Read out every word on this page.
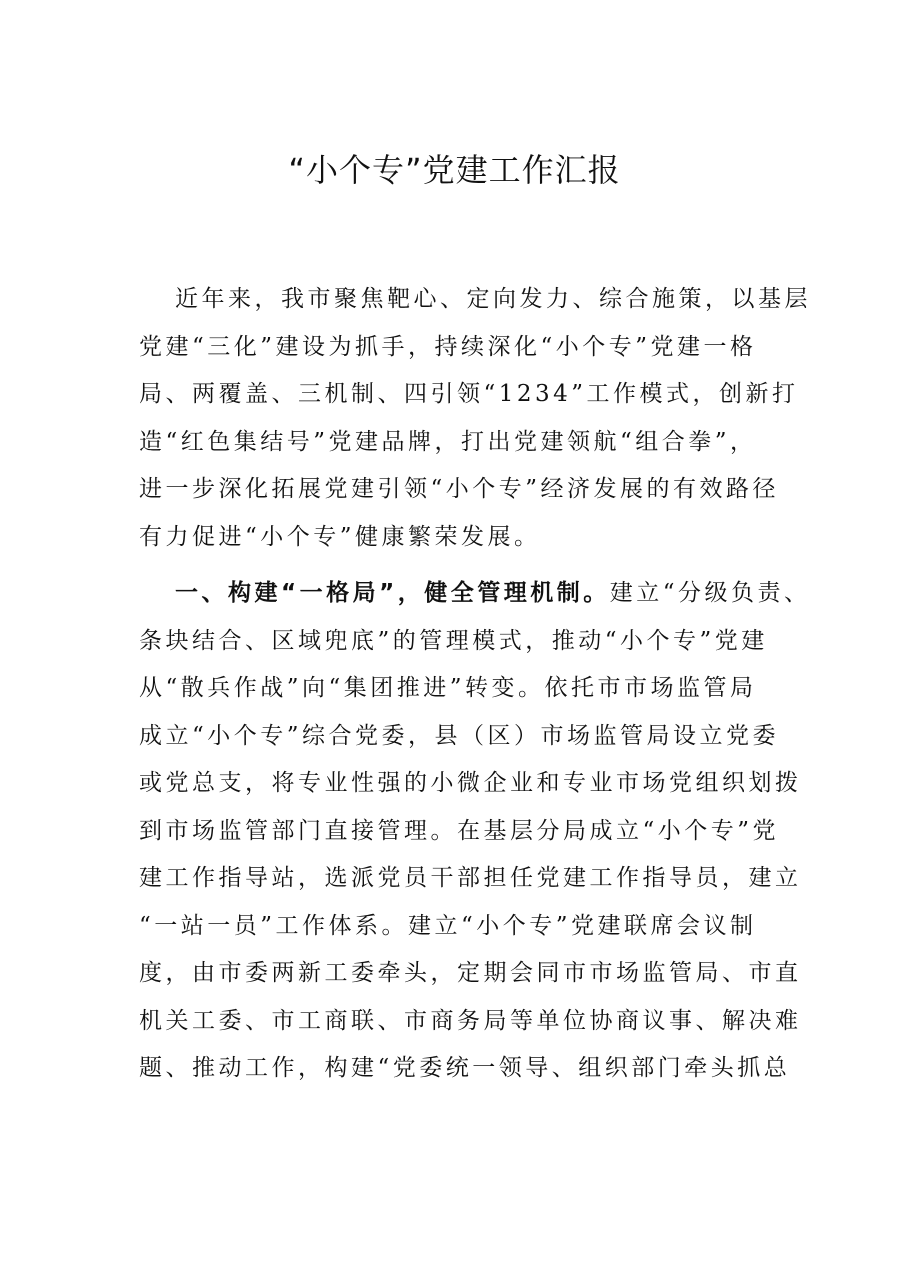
“小个专”党建工作汇报
近年来，我市聚焦靶心、定向发力、综合施策，以基层
党建“三化”建设为抓手，持续深化“小个专”党建一格
局、两覆盖、三机制、四引领“1234”工作模式，创新打
造“红色集结号”党建品牌，打出党建领航“组合拳”，
进一步深化拓展党建引领“小个专”经济发展的有效路径
有力促进“小个专”健康繁荣发展。
一、构建“一格局”，健全管理机制。建立“分级负责、
条块结合、区域兜底”的管理模式，推动“小个专”党建
从“散兵作战”向“集团推进”转变。依托市市场监管局
成立“小个专”综合党委，县（区）市场监管局设立党委
或党总支，将专业性强的小微企业和专业市场党组织划拨
到市场监管部门直接管理。在基层分局成立“小个专”党
建工作指导站，选派党员干部担任党建工作指导员，建立
“一站一员”工作体系。建立“小个专”党建联席会议制
度，由市委两新工委牵头，定期会同市市场监管局、市直
机关工委、市工商联、市商务局等单位协商议事、解决难
题、推动工作，构建“党委统一领导、组织部门牵头抓总
